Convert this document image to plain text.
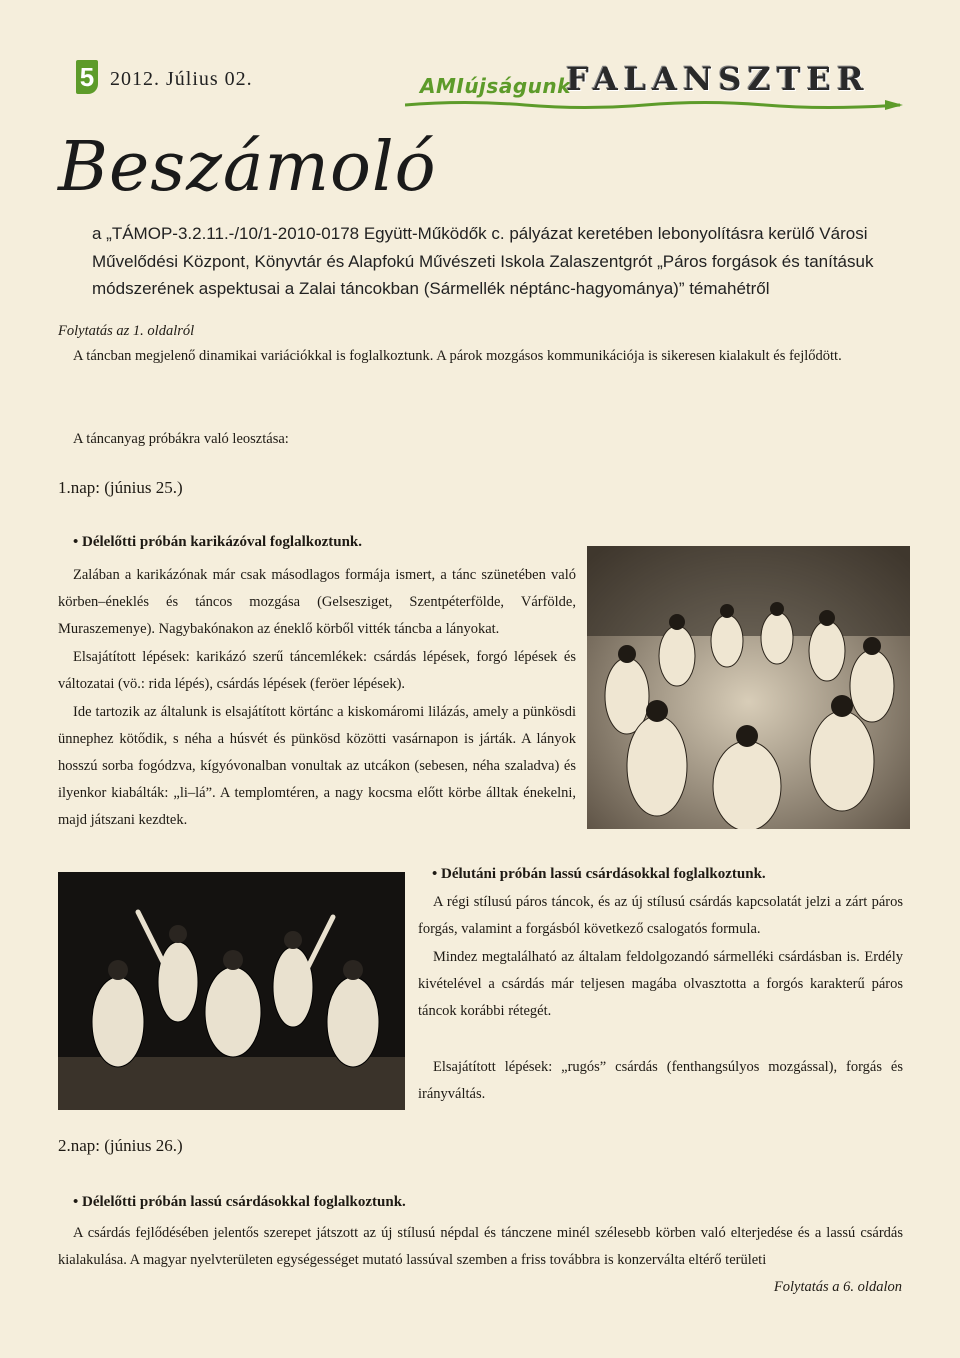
5 2012. Július 02.	AMIújságunk
FALANSZTER
Beszámoló
a „TÁMOP-3.2.11.-/10/1-2010-0178 Együtt-Működők c. pályázat keretében lebonyolításra kerülő Városi Művelődési Központ, Könyvtár és Alapfokú Művészeti Iskola Zalaszentgrót „Páros forgások és tanításuk módszerének aspektusai a Zalai táncokban (Sármellék néptánc-hagyománya)” témahétről
Folytatás az 1. oldalról
A táncban megjelenő dinamikai variációkkal is foglalkoztunk. A párok mozgásos kommunikációja is sikeresen kialakult és fejlődött.
A táncanyag próbákra való leosztása:
1.nap: (június 25.)
• Délelőtti próbán karikázóval foglalkoztunk.
Zalában a karikázónak már csak másodlagos formája ismert, a tánc szünetében való körben–éneklés és táncos mozgása (Gelsesziget, Szentpéterfölde, Várfölde, Muraszemenye). Nagybakónakon az éneklő körből vitték táncba a lányokat.
Elsajátított lépések: karikázó szerű táncemlékek: csárdás lépések, forgó lépések és változatai (vö.: rida lépés), csárdás lépések (feröer lépések).
Ide tartozik az általunk is elsajátított körtánc a kiskomáromi lilázás, amely a pünkösdi ünnephez kötődik, s néha a húsvét és pünkösd közötti vasárnapon is járták. A lányok hosszú sorba fogódzva, kígyóvonalban vonultak az utcákon (sebesen, néha szaladva) és ilyenkor kiabálták: „li–lá”. A templomtéren, a nagy kocsma előtt körbe álltak énekelni, majd játszani kezdtek.
• Délutáni próbán lassú csárdásokkal foglalkoztunk.
A régi stílusú páros táncok, és az új stílusú csárdás kapcsolatát jelzi a zárt páros forgás, valamint a forgásból következő csalogatós formula.
Mindez megtalálható az általam feldolgozandó sármelléki csárdásban is. Erdély kivételével a csárdás már teljesen magába olvasztotta a forgós karakterű páros táncok korábbi rétegét.
Elsajátított lépések: „rugós” csárdás (fenthangsúlyos mozgással), forgás és irányváltás.
2.nap: (június 26.)
• Délelőtti próbán lassú csárdásokkal foglalkoztunk.
A csárdás fejlődésében jelentős szerepet játszott az új stílusú népdal és tánczene minél szélesebb körben való elterjedése és a lassú csárdás kialakulása. A magyar nyelvterületen egységességet mutató lassúval szemben a friss továbbra is konzerválta eltérő területi
Folytatás a 6. oldalon
